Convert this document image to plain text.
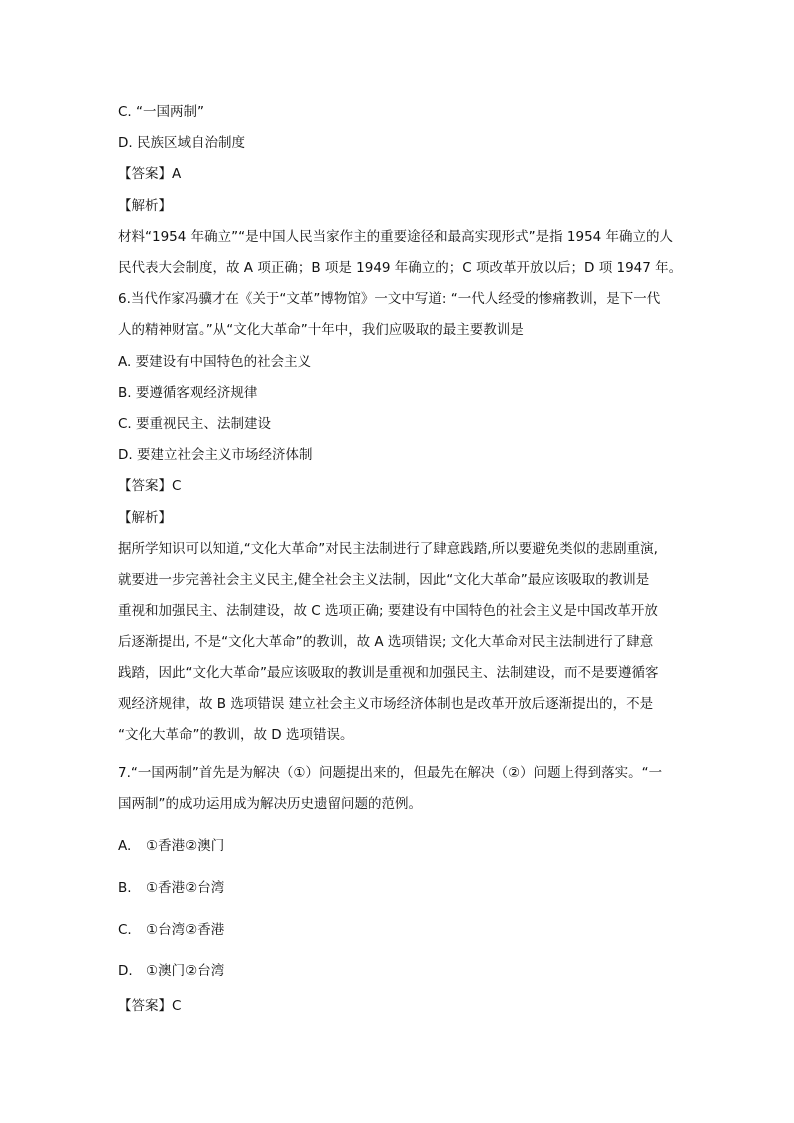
C. “一国两制”
D. 民族区域自治制度
【答案】A
【解析】
材料“1954 年确立”“是中国人民当家作主的重要途径和最高实现形式”是指 1954 年确立的人
民代表大会制度，故 A 项正确；B 项是 1949 年确立的；C 项改革开放以后；D 项 1947 年。
6.当代作家冯骥才在《关于“文革”博物馆》一文中写道: “一代人经受的惨痛教训，是下一代
人的精神财富。”从“文化大革命”十年中，我们应吸取的最主要教训是
A. 要建设有中国特色的社会主义
B. 要遵循客观经济规律
C. 要重视民主、法制建设
D. 要建立社会主义市场经济体制
【答案】C
【解析】
据所学知识可以知道,“文化大革命”对民主法制进行了肆意践踏,所以要避免类似的悲剧重演,
就要进一步完善社会主义民主,健全社会主义法制，因此“文化大革命”最应该吸取的教训是
重视和加强民主、法制建设，故 C 选项正确; 要建设有中国特色的社会主义是中国改革开放
后逐渐提出, 不是“文化大革命”的教训，故 A 选项错误; 文化大革命对民主法制进行了肆意
践踏，因此“文化大革命”最应该吸取的教训是重视和加强民主、法制建设，而不是要遵循客
观经济规律，故 B 选项错误 建立社会主义市场经济体制也是改革开放后逐渐提出的，不是
“文化大革命”的教训，故 D 选项错误。
7.“一国两制”首先是为解决（①）问题提出来的，但最先在解决（②）问题上得到落实。“一
国两制”的成功运用成为解决历史遗留问题的范例。
A. ①香港②澳门
B. ①香港②台湾
C. ①台湾②香港
D. ①澳门②台湾
【答案】C
